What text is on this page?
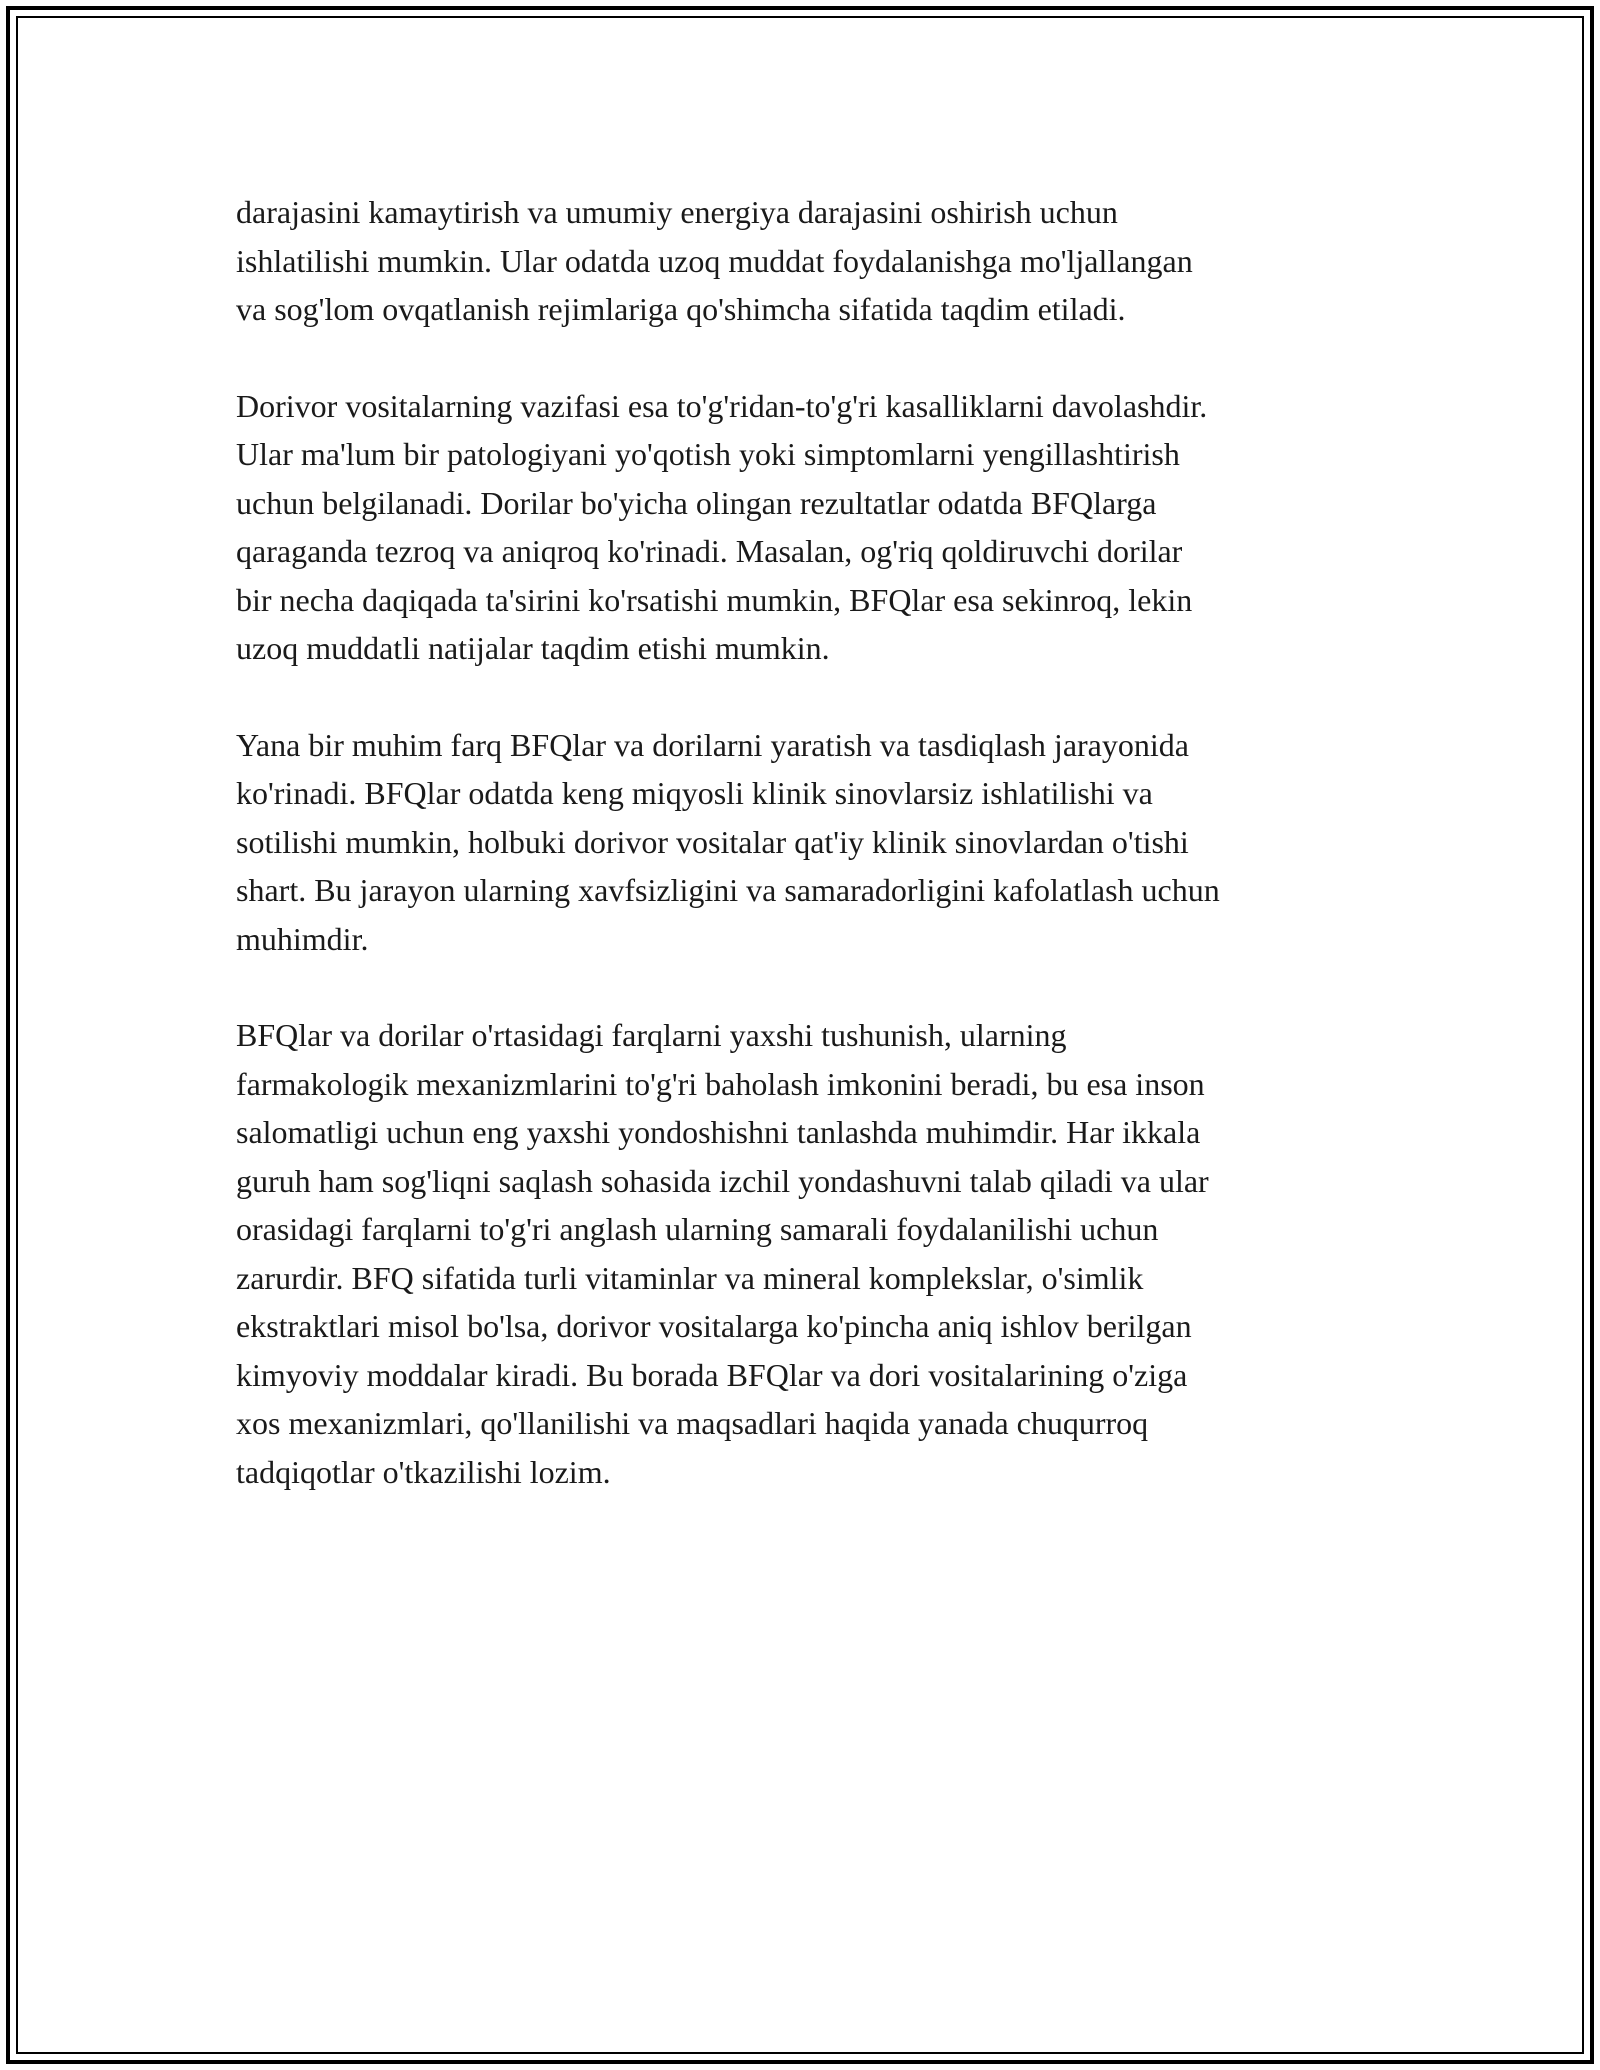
darajasini kamaytirish va umumiy energiya darajasini oshirish uchun
ishlatilishi mumkin. Ular odatda uzoq muddat foydalanishga mo'ljallangan
va sog'lom ovqatlanish rejimlariga qo'shimcha sifatida taqdim etiladi.

Dorivor vositalarning vazifasi esa to'g'ridan-to'g'ri kasalliklarni davolashdir.
Ular ma'lum bir patologiyani yo'qotish yoki simptomlarni yengillashtirish
uchun belgilanadi. Dorilar bo'yicha olingan rezultatlar odatda BFQlarga
qaraganda tezroq va aniqroq ko'rinadi. Masalan, og'riq qoldiruvchi dorilar
bir necha daqiqada ta'sirini ko'rsatishi mumkin, BFQlar esa sekinroq, lekin
uzoq muddatli natijalar taqdim etishi mumkin.

Yana bir muhim farq BFQlar va dorilarni yaratish va tasdiqlash jarayonida
ko'rinadi. BFQlar odatda keng miqyosli klinik sinovlarsiz ishlatilishi va
sotilishi mumkin, holbuki dorivor vositalar qat'iy klinik sinovlardan o'tishi
shart. Bu jarayon ularning xavfsizligini va samaradorligini kafolatlash uchun
muhimdir.

BFQlar va dorilar o'rtasidagi farqlarni yaxshi tushunish, ularning
farmakologik mexanizmlarini to'g'ri baholash imkonini beradi, bu esa inson
salomatligi uchun eng yaxshi yondoshishni tanlashda muhimdir. Har ikkala
guruh ham sog'liqni saqlash sohasida izchil yondashuvni talab qiladi va ular
orasidagi farqlarni to'g'ri anglash ularning samarali foydalanilishi uchun
zarurdir. BFQ sifatida turli vitaminlar va mineral komplekslar, o'simlik
ekstraktlari misol bo'lsa, dorivor vositalarga ko'pincha aniq ishlov berilgan
kimyoviy moddalar kiradi. Bu borada BFQlar va dori vositalarining o'ziga
xos mexanizmlari, qo'llanilishi va maqsadlari haqida yanada chuqurroq
tadqiqotlar o'tkazilishi lozim.
